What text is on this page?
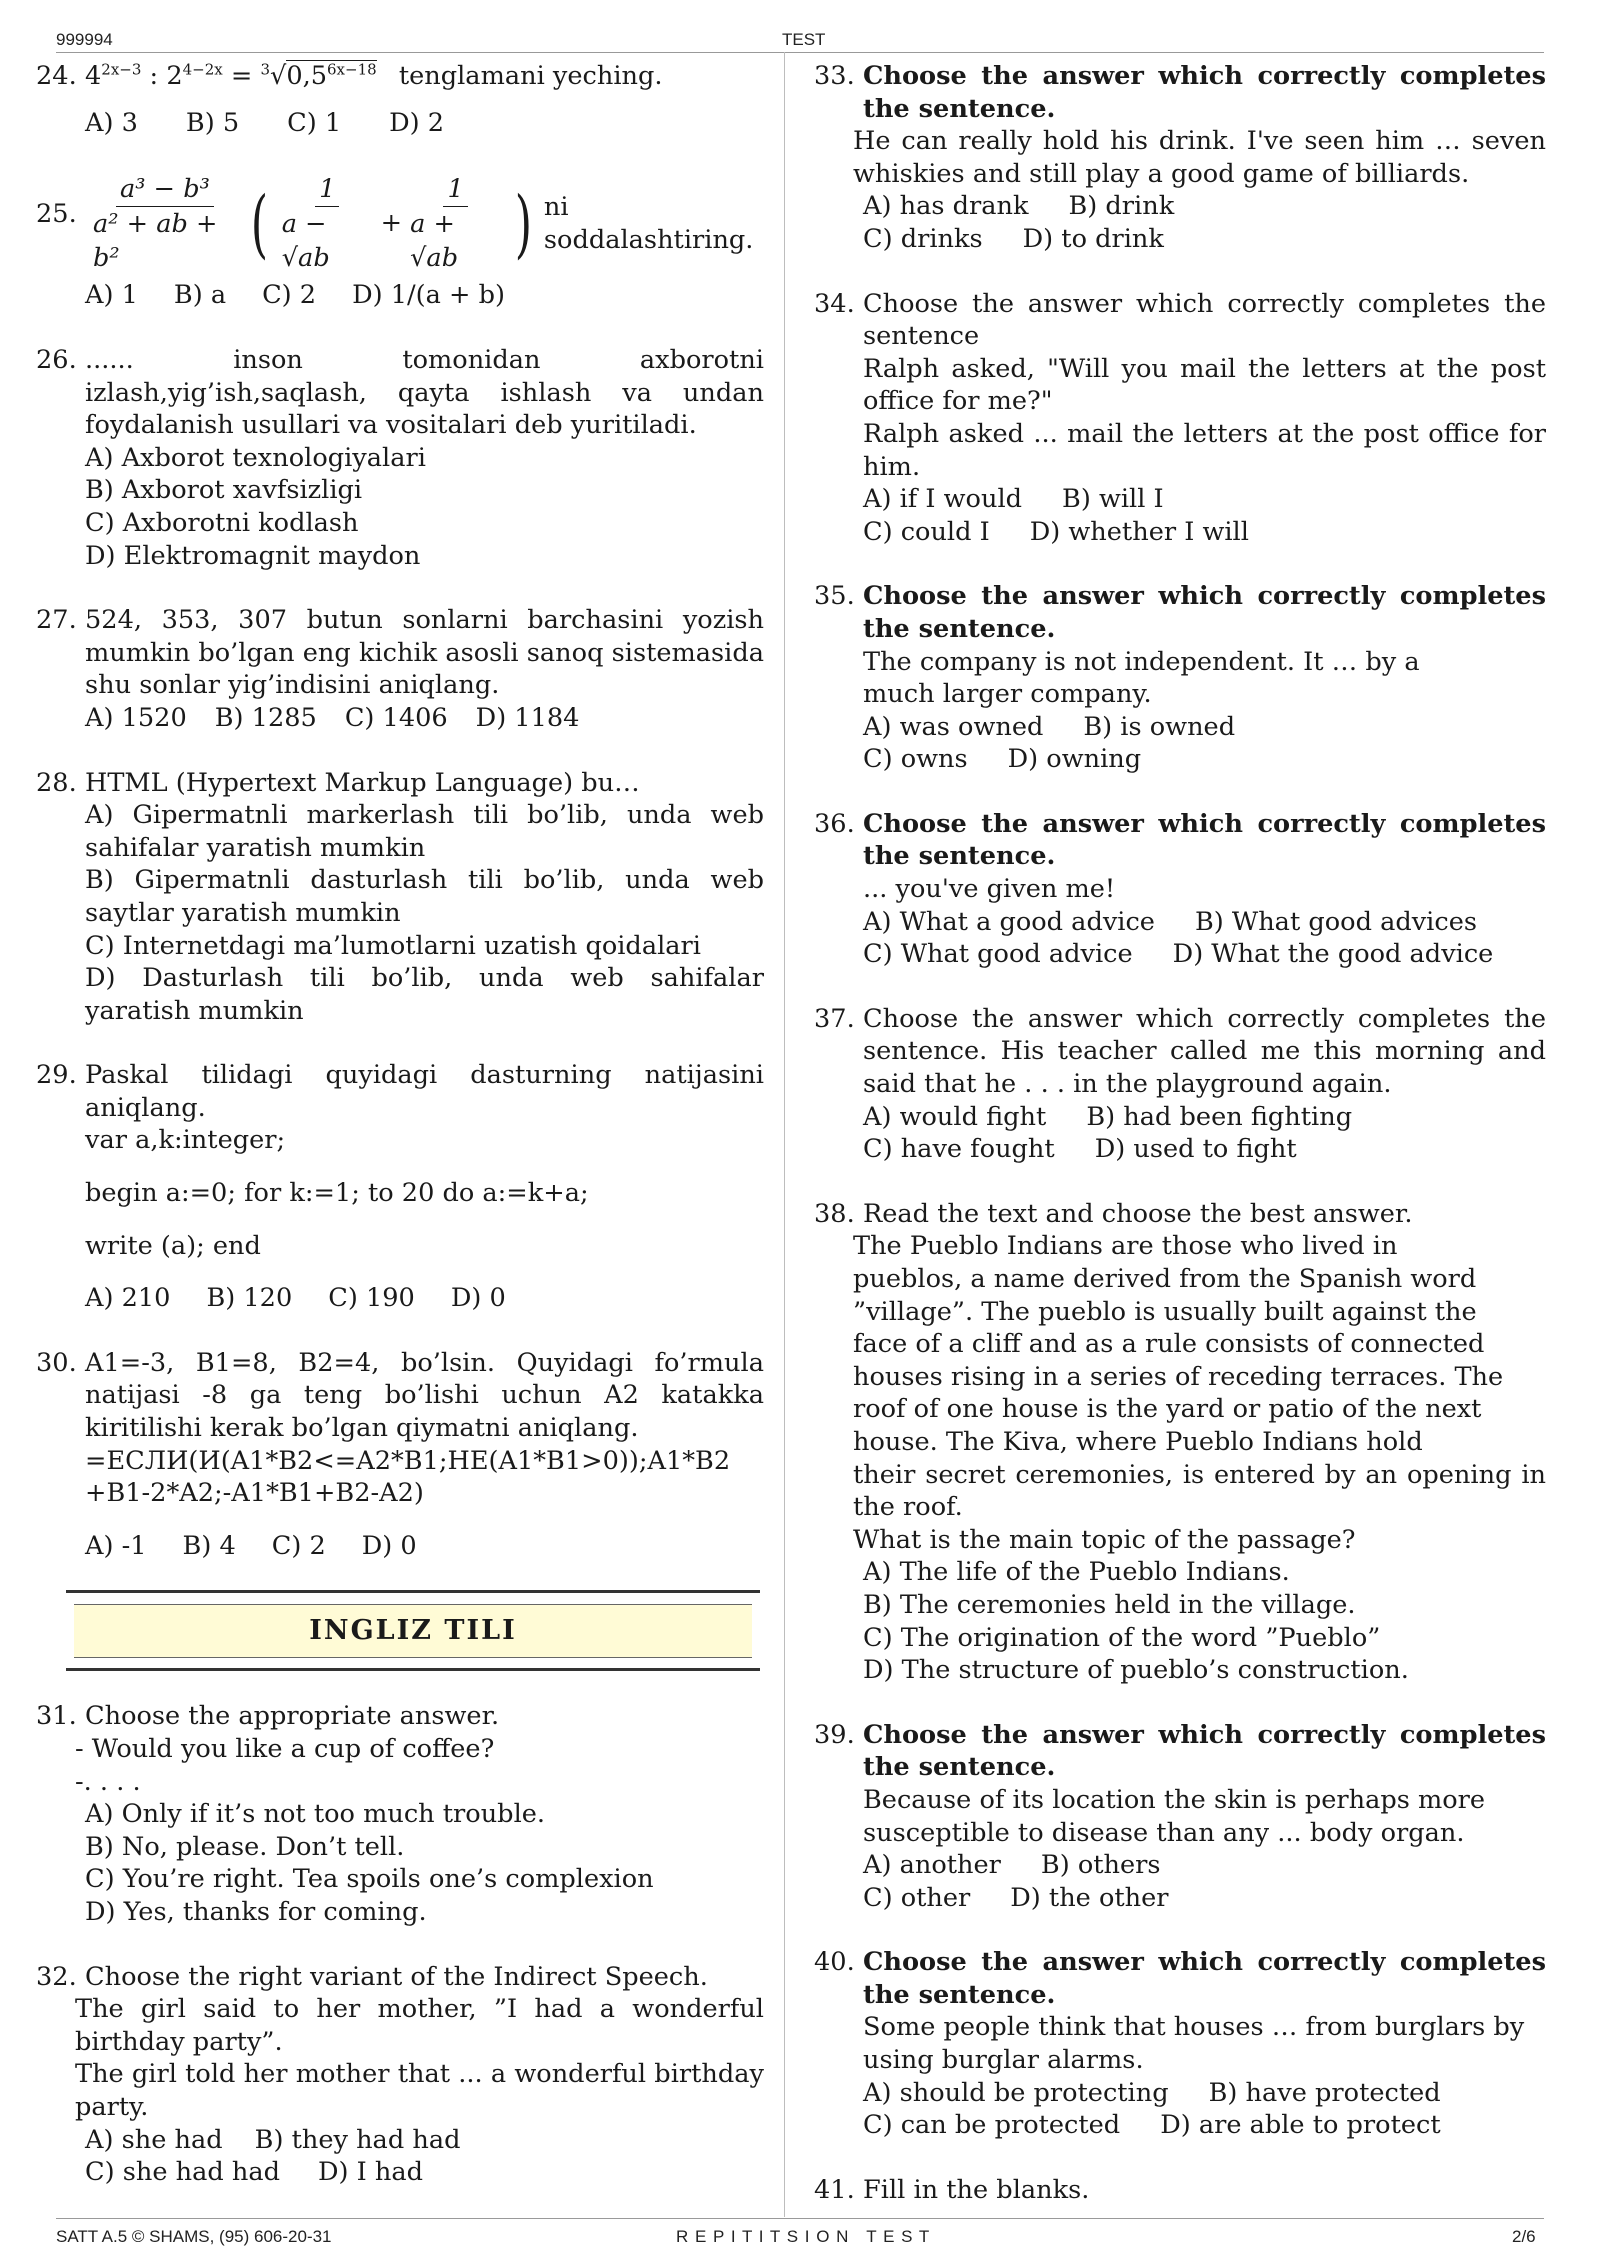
999994	TEST
24. $4^{2x-3}$ : $2^{4-2x} = ^3√0,5^{6x-18}$ tenglamani yeching.
A) 3 B) 5 C) 1 D) 2
25. $\frac{\text{a³ − b³}}{\text{a² + ab + b²}}$ ( $\frac{1}{a - √ab} + \frac{1}{a + √ab}$ ) ni soddalashtiring.
A) 1 B) a C) 2 D) 1/(a + b)
26. ...... inson tomonidan axborotni izlash,yig’ish,saqlash, qayta ishlash va undan foydalanish usullari va vositalari deb yuritiladi.
A) Axborot texnologiyalari
B) Axborot xavfsizligi
C) Axborotni kodlash
D) Elektromagnit maydon
27. 524, 353, 307 butun sonlarni barchasini yozish mumkin bo’lgan eng kichik asosli sanoq sistemasida shu sonlar yig’indisini aniqlang.
A) 1520 B) 1285 C) 1406 D) 1184
28. HTML (Hypertext Markup Language) bu…
A) Gipermatnli markerlash tili bo’lib, unda web sahifalar yaratish mumkin
B) Gipermatnli dasturlash tili bo’lib, unda web saytlar yaratish mumkin
C) Internetdagi ma’lumotlarni uzatish qoidalari
D) Dasturlash tili bo’lib, unda web sahifalar yaratish mumkin
29. Paskal tilidagi quyidagi dasturning natijasini aniqlang.
var a,k:integer;
begin a:=0; for k:=1; to 20 do a:=k+a;
write (a); end
A) 210 B) 120 C) 190 D) 0
30. A1=-3, B1=8, B2=4, bo’lsin. Quyidagi fo’rmula natijasi -8 ga teng bo’lishi uchun A2 katakka kiritilishi kerak bo’lgan qiymatni aniqlang.
=ЕСЛИ(И(A1*B2<=A2*B1;НЕ(A1*B1>0));A1*B2
+B1-2*A2;-A1*B1+B2-A2)
A) -1 B) 4 C) 2 D) 0
INGLIZ TILI
31. Choose the appropriate answer.
- Would you like a cup of coffee?
-. . . .
A) Only if it’s not too much trouble.
B) No, please. Don’t tell.
C) You’re right. Tea spoils one’s complexion
D) Yes, thanks for coming.
32. Choose the right variant of the Indirect Speech.
The girl said to her mother, ”I had a wonderful birthday party”.
The girl told her mother that ... a wonderful birthday party.
A) she had B) they had had
C) she had had D) I had
33. Choose the answer which correctly completes the sentence.
He can really hold his drink. I've seen him … seven whiskies and still play a good game of billiards.
A) has drank B) drink
C) drinks D) to drink
34. Choose the answer which correctly completes the sentence
Ralph asked, "Will you mail the letters at the post office for me?"
Ralph asked ... mail the letters at the post office for him.
A) if I would B) will I
C) could I D) whether I will
35. Choose the answer which correctly completes the sentence.
The company is not independent. It … by a much larger company.
A) was owned B) is owned
C) owns D) owning
36. Choose the answer which correctly completes the sentence.
... you've given me!
A) What a good advice B) What good advices
C) What good advice D) What the good advice
37. Choose the answer which correctly completes the sentence. His teacher called me this morning and said that he . . . in the playground again.
A) would fight B) had been fighting
C) have fought D) used to fight
38. Read the text and choose the best answer.
The Pueblo Indians are those who lived in
pueblos, a name derived from the Spanish word
”village”. The pueblo is usually built against the
face of a cliff and as a rule consists of connected
houses rising in a series of receding terraces. The
roof of one house is the yard or patio of the next
house. The Kiva, where Pueblo Indians hold
their secret ceremonies, is entered by an opening in the roof.
What is the main topic of the passage?
A) The life of the Pueblo Indians.
B) The ceremonies held in the village.
C) The origination of the word ”Pueblo”
D) The structure of pueblo’s construction.
39. Choose the answer which correctly completes the sentence.
Because of its location the skin is perhaps more susceptible to disease than any ... body organ.
A) another B) others
C) other D) the other
40. Choose the answer which correctly completes the sentence.
Some people think that houses … from burglars by using burglar alarms.
A) should be protecting B) have protected
C) can be protected D) are able to protect
41. Fill in the blanks.
SATT A.5 © SHAMS, (95) 606-20-31	R E P I T I T S I O N   T E S T	2/6
